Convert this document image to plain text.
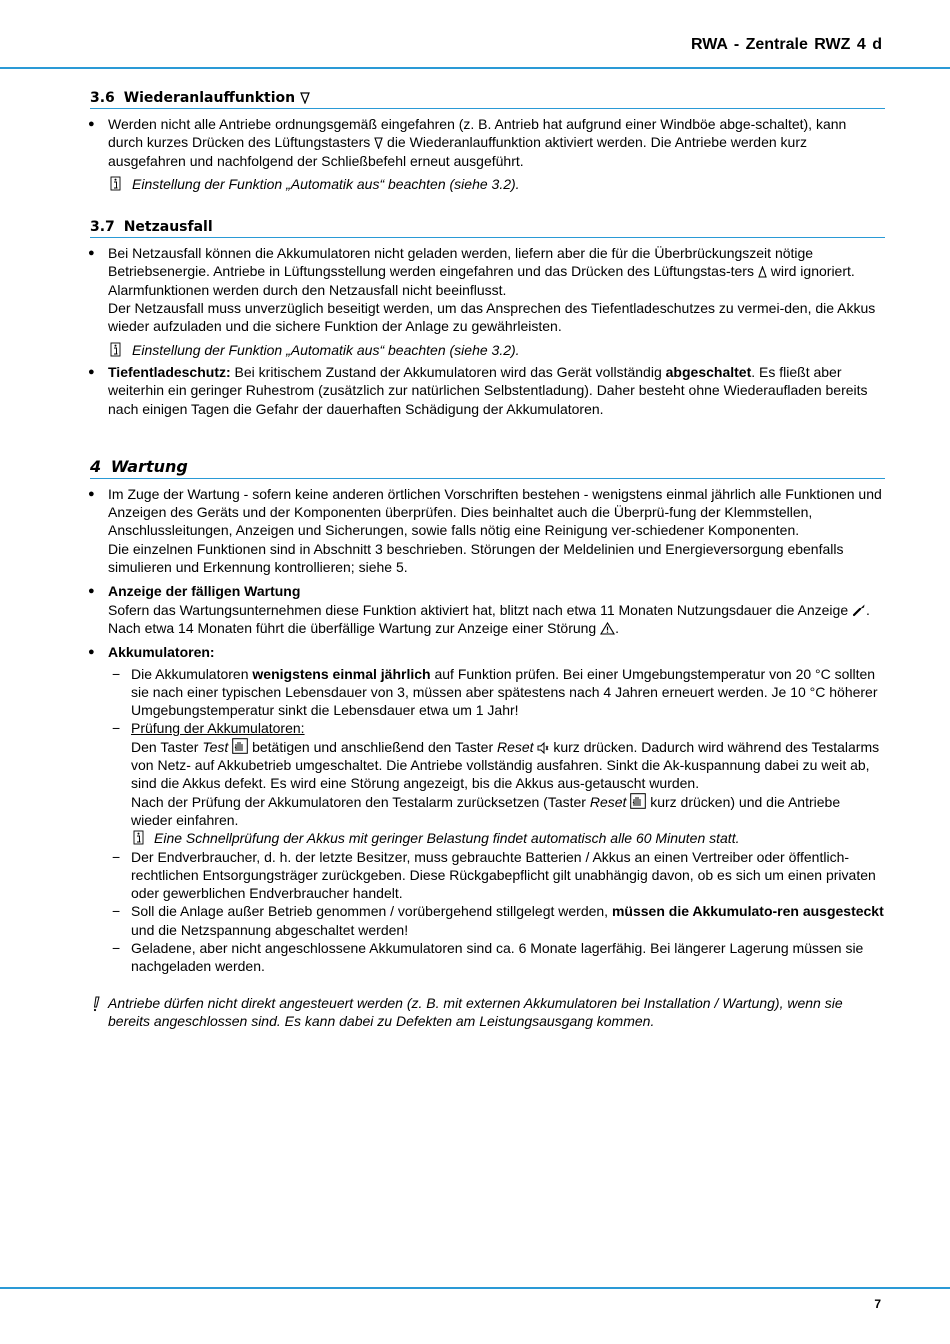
RWA - Zentrale RWZ 4 d
3.6 Wiederanlauffunktion
● Werden nicht alle Antriebe ordnungsgemäß eingefahren (z. B. Antrieb hat aufgrund einer Windböe abge-schaltet), kann durch kurzes Drücken des Lüftungstasters die Wiederanlauffunktion aktiviert werden. Die Antriebe werden kurz ausgefahren und nachfolgend der Schließbefehl erneut ausgeführt.
Einstellung der Funktion „Automatik aus“ beachten (siehe 3.2).
3.7 Netzausfall
● Bei Netzausfall können die Akkumulatoren nicht geladen werden, liefern aber die für die Überbrückungszeit nötige Betriebsenergie. Antriebe in Lüftungsstellung werden eingefahren und das Drücken des Lüftungstas-ters wird ignoriert. Alarmfunktionen werden durch den Netzausfall nicht beeinflusst.
Der Netzausfall muss unverzüglich beseitigt werden, um das Ansprechen des Tiefentladeschutzes zu vermei-den, die Akkus wieder aufzuladen und die sichere Funktion der Anlage zu gewährleisten.
Einstellung der Funktion „Automatik aus“ beachten (siehe 3.2).
● Tiefentladeschutz: Bei kritischem Zustand der Akkumulatoren wird das Gerät vollständig abgeschaltet. Es fließt aber weiterhin ein geringer Ruhestrom (zusätzlich zur natürlichen Selbstentladung). Daher besteht ohne Wiederaufladen bereits nach einigen Tagen die Gefahr der dauerhaften Schädigung der Akkumulatoren.
4 Wartung
● Im Zuge der Wartung - sofern keine anderen örtlichen Vorschriften bestehen - wenigstens einmal jährlich alle Funktionen und Anzeigen des Geräts und der Komponenten überprüfen. Dies beinhaltet auch die Überprü-fung der Klemmstellen, Anschlussleitungen, Anzeigen und Sicherungen, sowie falls nötig eine Reinigung ver-schiedener Komponenten.
Die einzelnen Funktionen sind in Abschnitt 3 beschrieben. Störungen der Meldelinien und Energieversorgung ebenfalls simulieren und Erkennung kontrollieren; siehe 5.
● Anzeige der fälligen Wartung
Sofern das Wartungsunternehmen diese Funktion aktiviert hat, blitzt nach etwa 11 Monaten Nutzungsdauer die Anzeige . Nach etwa 14 Monaten führt die überfällige Wartung zur Anzeige einer Störung .
● Akkumulatoren:
− Die Akkumulatoren wenigstens einmal jährlich auf Funktion prüfen. Bei einer Umgebungstemperatur von 20 °C sollten sie nach einer typischen Lebensdauer von 3, müssen aber spätestens nach 4 Jahren erneuert werden. Je 10 °C höherer Umgebungstemperatur sinkt die Lebensdauer etwa um 1 Jahr!
− Prüfung der Akkumulatoren:
Den Taster Test betätigen und anschließend den Taster Reset kurz drücken. Dadurch wird während des Testalarms von Netz- auf Akkubetrieb umgeschaltet. Die Antriebe vollständig ausfahren. Sinkt die Ak-kuspannung dabei zu weit ab, sind die Akkus defekt. Es wird eine Störung angezeigt, bis die Akkus aus-getauscht wurden.
Nach der Prüfung der Akkumulatoren den Testalarm zurücksetzen (Taster Reset kurz drücken) und die Antriebe wieder einfahren.
Eine Schnellprüfung der Akkus mit geringer Belastung findet automatisch alle 60 Minuten statt.
− Der Endverbraucher, d. h. der letzte Besitzer, muss gebrauchte Batterien / Akkus an einen Vertreiber oder öffentlich-rechtlichen Entsorgungsträger zurückgeben. Diese Rückgabepflicht gilt unabhängig davon, ob es sich um einen privaten oder gewerblichen Endverbraucher handelt.
− Soll die Anlage außer Betrieb genommen / vorübergehend stillgelegt werden, müssen die Akkumulato-ren ausgesteckt und die Netzspannung abgeschaltet werden!
− Geladene, aber nicht angeschlossene Akkumulatoren sind ca. 6 Monate lagerfähig. Bei längerer Lagerung müssen sie nachgeladen werden.
Antriebe dürfen nicht direkt angesteuert werden (z. B. mit externen Akkumulatoren bei Installation / Wartung), wenn sie bereits angeschlossen sind. Es kann dabei zu Defekten am Leistungsausgang kommen.
7
